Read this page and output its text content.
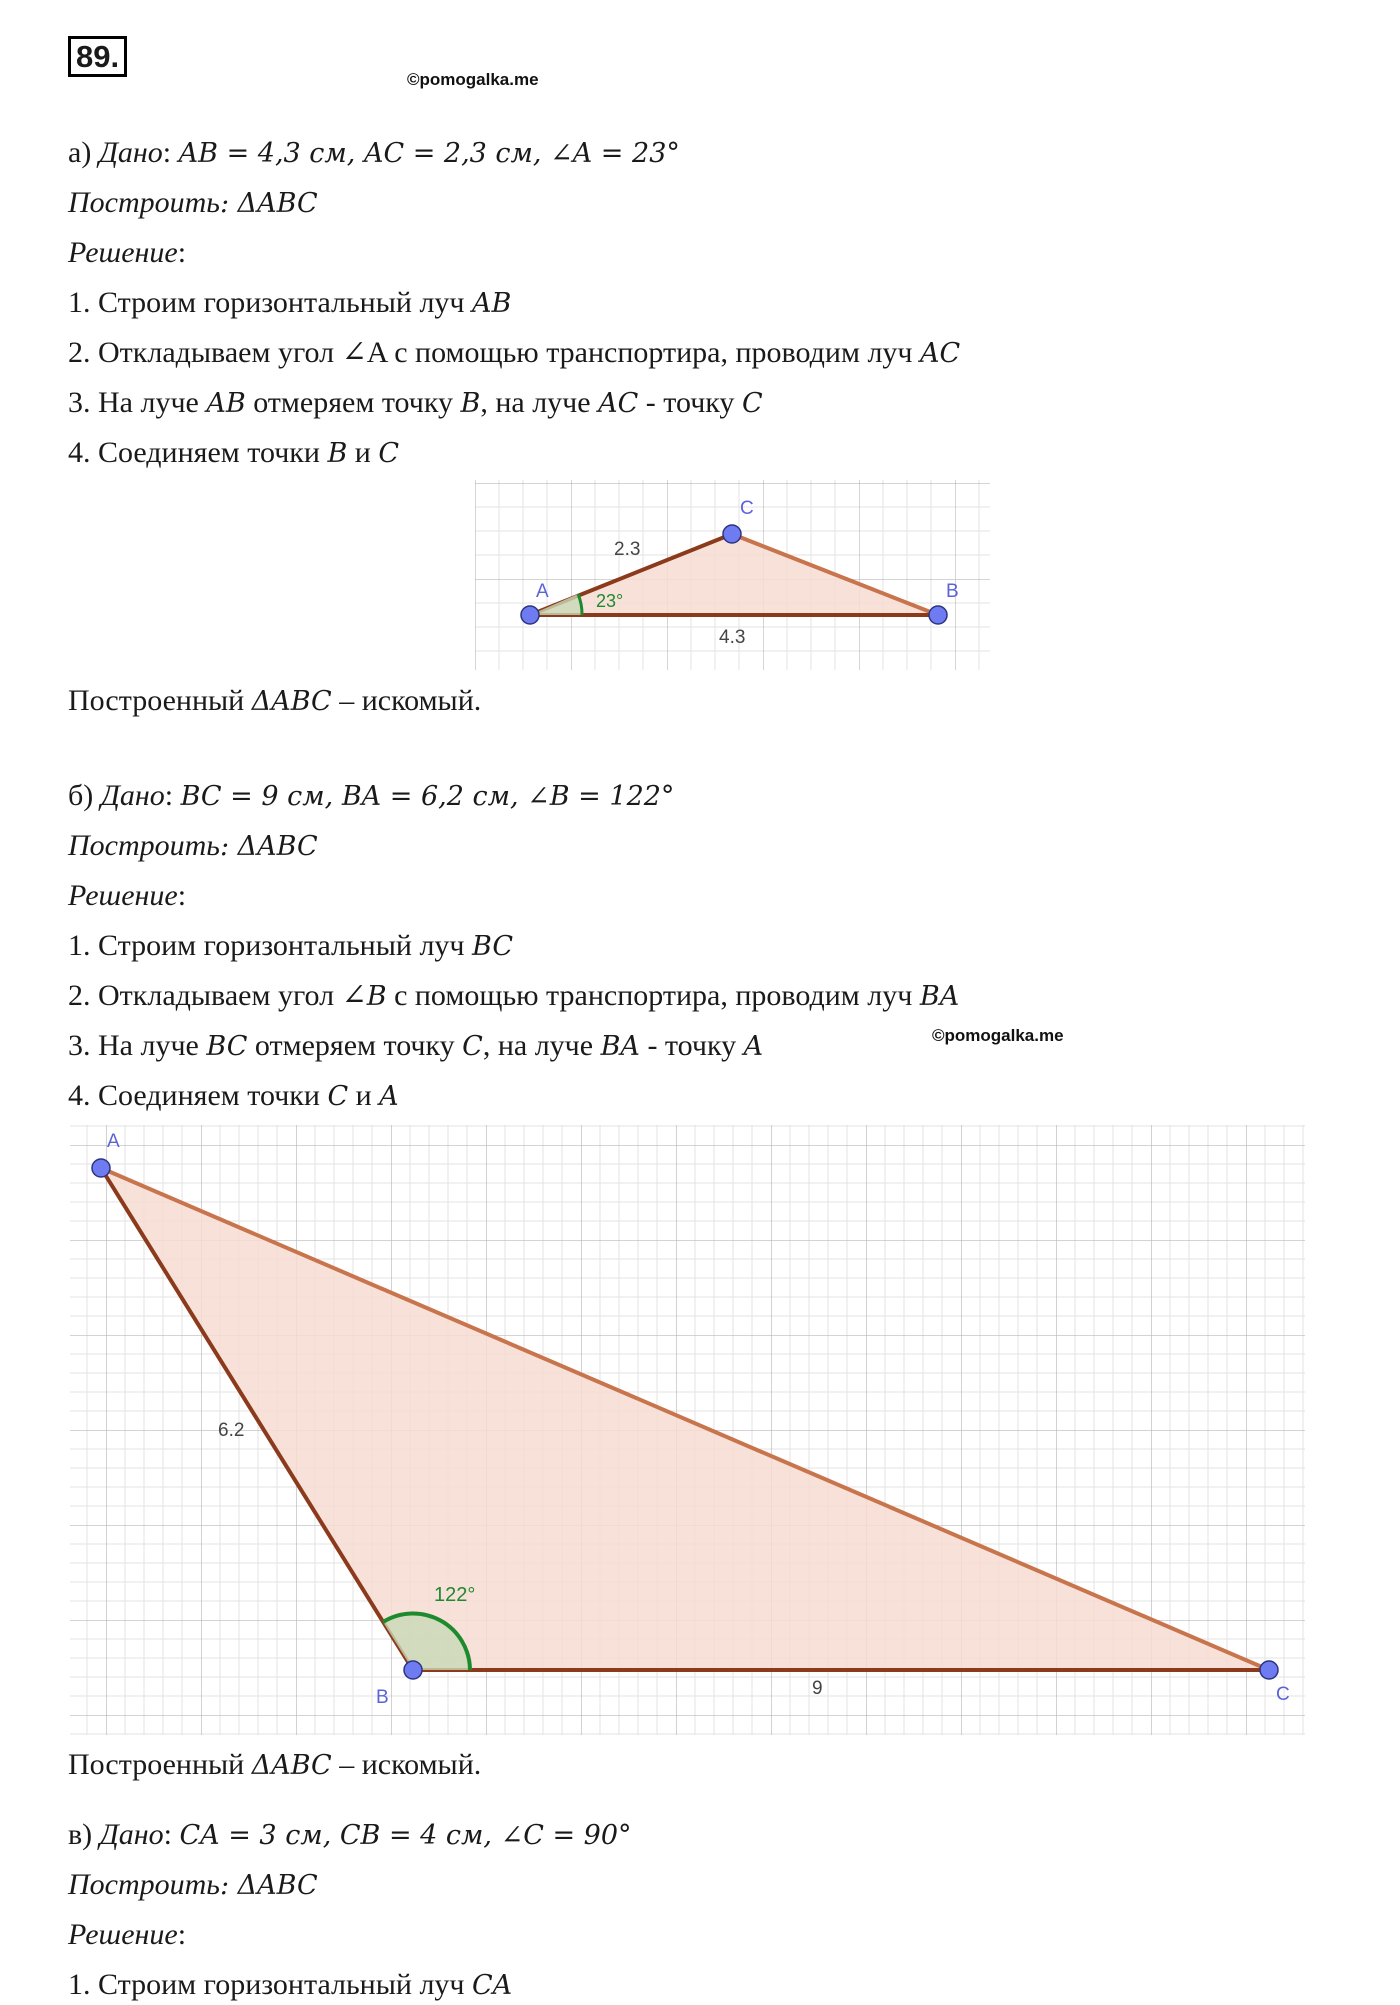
89.
©pomogalka.me
а) Дано: AB = 4,3 см, AC = 2,3 см, ∠A = 23°
Построить: ΔABC
Решение:
1. Строим горизонтальный луч AB
2. Откладываем угол ∠A с помощью транспортира, проводим луч AC
3. На луче AB отмеряем точку B, на луче AC - точку C
4. Соединяем точки B и C
23°
2.3
4.3
A	B
C
Построенный ΔABC – искомый.
б) Дано: BC = 9 см, BA = 6,2 см, ∠B = 122°
Построить: ΔABC
Решение:
1. Строим горизонтальный луч BC
2. Откладываем угол ∠B с помощью транспортира, проводим луч BA
3. На луче BC отмеряем точку C, на луче BA - точку A	©pomogalka.me
4. Соединяем точки C и A
122°
6.2
9
A
B	C
Построенный ΔABC – искомый.
в) Дано: CA = 3 см, CB = 4 см, ∠C = 90°
Построить: ΔABC
Решение:
1. Строим горизонтальный луч CA
